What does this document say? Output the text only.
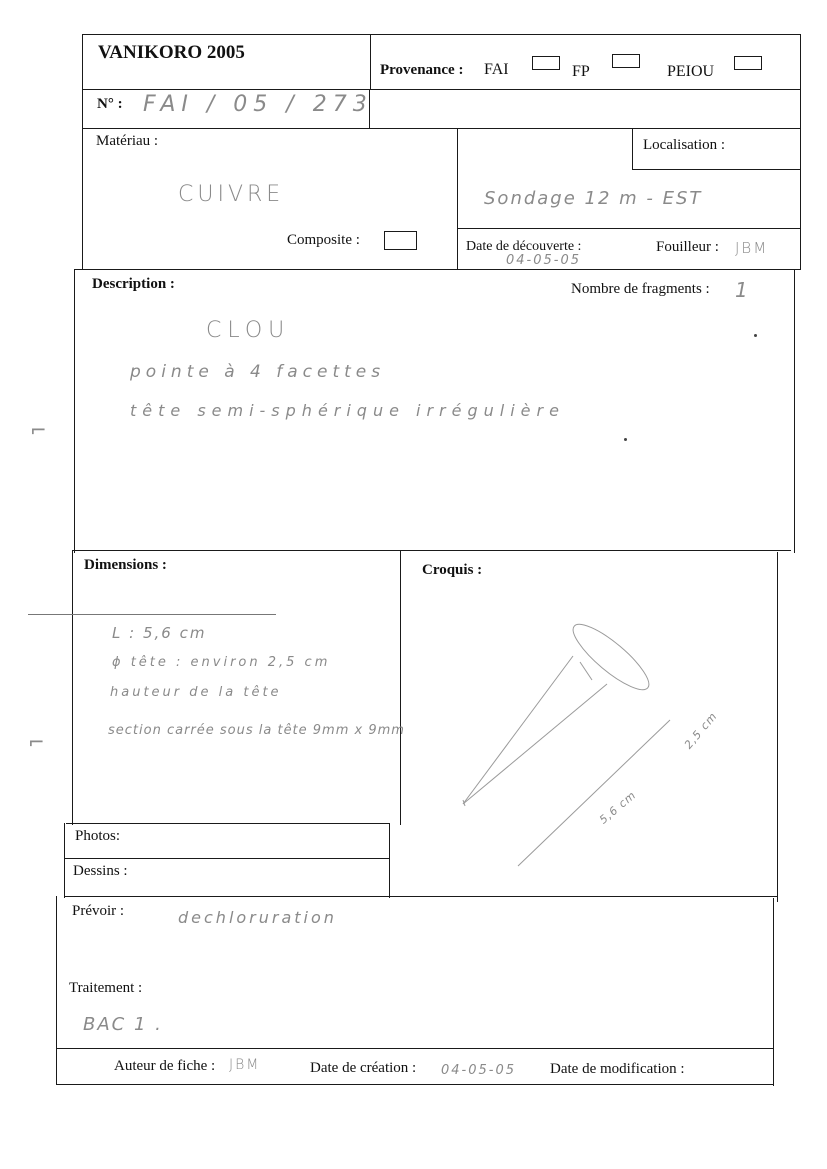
VANIKORO 2005
Provenance : FAI	FP	PEIOU
N° : FAI / 05 / 273
Matériau :
CUIVRE
Composite :
Localisation :
Sondage 12 m - EST
Date de découverte :
04-05-05
Fouilleur : JBM
Description :	Nombre de fragments : 1
CLOU
pointe à 4 facettes
tête semi-sphérique irrégulière
Dimensions :
L : 5,6 cm
ϕ tête : environ 2,5 cm
hauteur de la tête
section carrée sous la tête 9mm x 9mm
Croquis :
2,5 cm
5,6 cm
Photos:
Dessins :
Prévoir :	dechloruration
Traitement :
BAC 1 .
Auteur de fiche : JBM	Date de création : 04-05-05 Date de modification :
⌐
⌐
